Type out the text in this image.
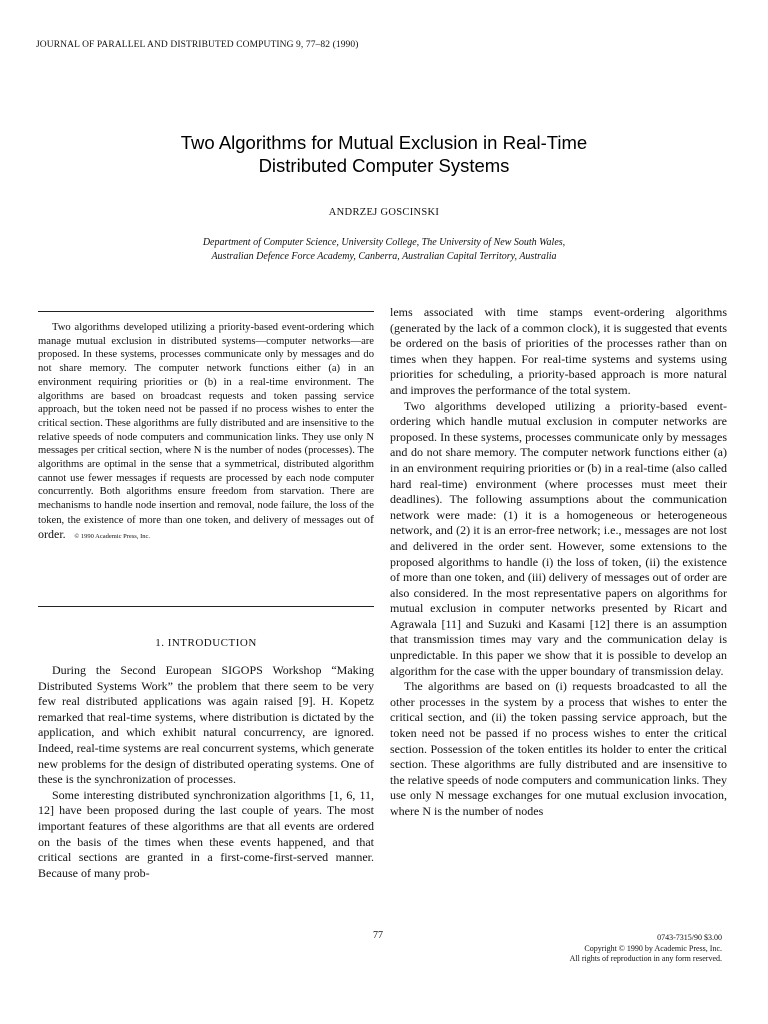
JOURNAL OF PARALLEL AND DISTRIBUTED COMPUTING 9, 77–82 (1990)
Two Algorithms for Mutual Exclusion in Real-Time
Distributed Computer Systems
ANDRZEJ GOSCINSKI
Department of Computer Science, University College, The University of New South Wales,
Australian Defence Force Academy, Canberra, Australian Capital Territory, Australia

Two algorithms developed utilizing a priority-based event-ordering which manage mutual exclusion in distributed systems—computer networks—are proposed. In these systems, processes communicate only by messages and do not share memory. The computer network functions either (a) in an environment requiring priorities or (b) in a real-time environment. The algorithms are based on broadcast requests and token passing service approach, but the token need not be passed if no process wishes to enter the critical section. These algorithms are fully distributed and are insensitive to the relative speeds of node computers and communication links. They use only N messages per critical section, where N is the number of nodes (processes). The algorithms are optimal in the sense that a symmetrical, distributed algorithm cannot use fewer messages if requests are processed by each node computer concurrently. Both algorithms ensure freedom from starvation. There are mechanisms to handle node insertion and removal, node failure, the loss of the token, the existence of more than one token, and delivery of messages out of order. © 1990 Academic Press, Inc.

1. INTRODUCTION

During the Second European SIGOPS Workshop “Making Distributed Systems Work” the problem that there seem to be very few real distributed applications was again raised [9]. H. Kopetz remarked that real-time systems, where distribution is dictated by the application, and which exhibit natural concurrency, are ignored. Indeed, real-time systems are real concurrent systems, which generate new problems for the design of distributed operating systems. One of these is the synchronization of processes.

Some interesting distributed synchronization algorithms [1, 6, 11, 12] have been proposed during the last couple of years. The most important features of these algorithms are that all events are ordered on the basis of the times when these events happened, and that critical sections are granted in a first-come-first-served manner. Because of many prob-

lems associated with time stamps event-ordering algorithms (generated by the lack of a common clock), it is suggested that events be ordered on the basis of priorities of the processes rather than on times when they happen. For real-time systems and systems using priorities for scheduling, a priority-based approach is more natural and improves the performance of the total system.

Two algorithms developed utilizing a priority-based event-ordering which handle mutual exclusion in computer networks are proposed. In these systems, processes communicate only by messages and do not share memory. The computer network functions either (a) in an environment requiring priorities or (b) in a real-time (also called hard real-time) environment (where processes must meet their deadlines). The following assumptions about the communication network were made: (1) it is a homogeneous or heterogeneous network, and (2) it is an error-free network; i.e., messages are not lost and delivered in the order sent. However, some extensions to the proposed algorithms to handle (i) the loss of token, (ii) the existence of more than one token, and (iii) delivery of messages out of order are also considered. In the most representative papers on algorithms for mutual exclusion in computer networks presented by Ricart and Agrawala [11] and Suzuki and Kasami [12] there is an assumption that transmission times may vary and the communication delay is unpredictable. In this paper we show that it is possible to develop an algorithm for the case with the upper boundary of transmission delay.

The algorithms are based on (i) requests broadcasted to all the other processes in the system by a process that wishes to enter the critical section, and (ii) the token passing service approach, but the token need not be passed if no process wishes to enter the critical section. Possession of the token entitles its holder to enter the critical section. These algorithms are fully distributed and are insensitive to the relative speeds of node computers and communication links. They use only N message exchanges for one mutual exclusion invocation, where N is the number of nodes

77	0743-7315/90 $3.00
Copyright © 1990 by Academic Press, Inc.
All rights of reproduction in any form reserved.
